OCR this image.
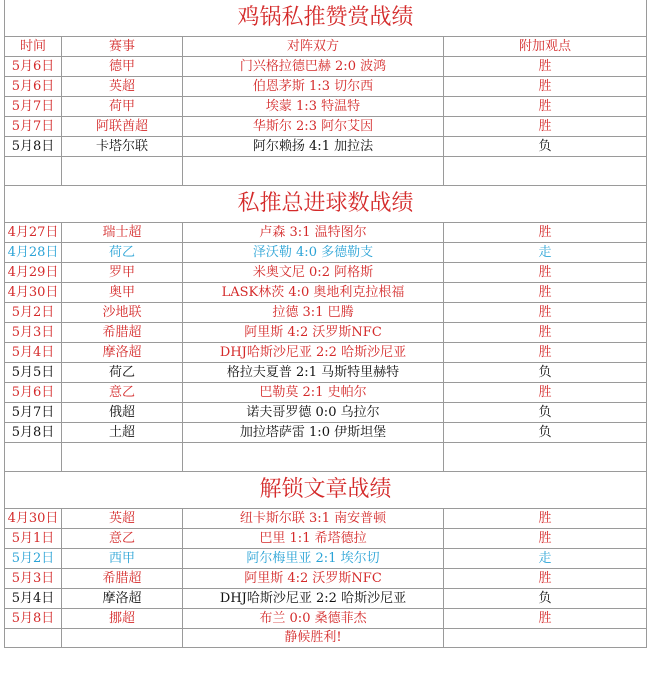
鸡锅私推赞赏战绩			
时间	赛事	对阵双方	附加观点
5月6日	德甲	门兴格拉德巴赫 2:0 波鸿	胜
5月6日	英超	伯恩茅斯 1:3 切尔西	胜
5月7日	荷甲	埃蒙 1:3 特温特	胜
5月7日	阿联酋超	华斯尔 2:3 阿尔艾因	胜
5月8日	卡塔尔联	阿尔赖扬 4:1 加拉法	负

私推总进球数战绩			
4月27日	瑞士超	卢森 3:1 温特图尔	胜
4月28日	荷乙	泽沃勒 4:0 多德勒支	走
4月29日	罗甲	米奥文尼 0:2 阿格斯	胜
4月30日	奥甲	LASK林茨 4:0 奥地利克拉根福	胜
5月2日	沙地联	拉德 3:1 巴腾	胜
5月3日	希腊超	阿里斯 4:2 沃罗斯NFC	胜
5月4日	摩洛超	DHJ哈斯沙尼亚 2:2 哈斯沙尼亚	胜
5月5日	荷乙	格拉夫夏普 2:1 马斯特里赫特	负
5月6日	意乙	巴勒莫 2:1 史帕尔	胜
5月7日	俄超	诺夫哥罗德 0:0 乌拉尔	负
5月8日	土超	加拉塔萨雷 1:0 伊斯坦堡	负

解锁文章战绩			
4月30日	英超	纽卡斯尔联 3:1 南安普顿	胜
5月1日	意乙	巴里 1:1 希塔德拉	胜
5月2日	西甲	阿尔梅里亚 2:1 埃尔切	走
5月3日	希腊超	阿里斯 4:2 沃罗斯NFC	胜
5月4日	摩洛超	DHJ哈斯沙尼亚 2:2 哈斯沙尼亚	负
5月8日	挪超	布兰 0:0 桑德菲杰	胜
		静候胜利!	
